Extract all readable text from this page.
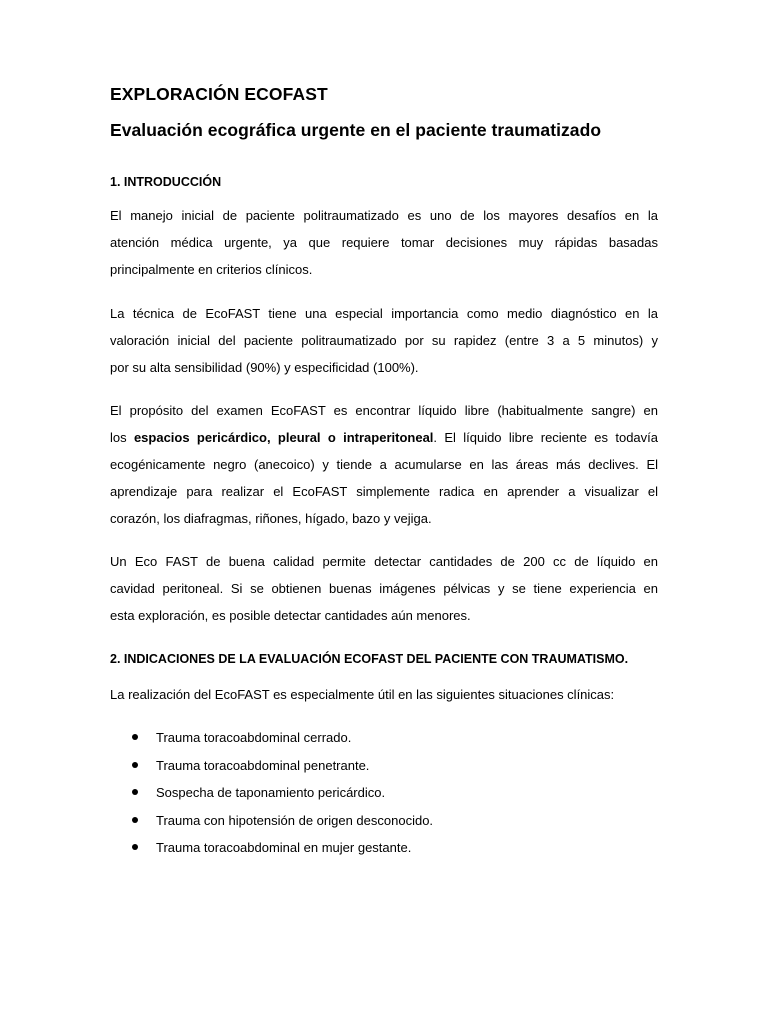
EXPLORACIÓN ECOFAST
Evaluación ecográfica urgente en el paciente traumatizado
1. INTRODUCCIÓN
El manejo inicial de paciente politraumatizado es uno de los mayores desafíos en la
atención médica urgente, ya que requiere tomar decisiones muy rápidas basadas
principalmente en criterios clínicos.
La técnica de EcoFAST tiene una especial importancia como medio diagnóstico en la
valoración inicial del paciente politraumatizado por su rapidez (entre 3 a 5 minutos) y
por su alta sensibilidad (90%) y especificidad (100%).
El propósito del examen EcoFAST es encontrar líquido libre (habitualmente sangre) en
los espacios pericárdico, pleural o intraperitoneal. El líquido libre reciente es todavía
ecogénicamente negro (anecoico) y tiende a acumularse en las áreas más declives. El
aprendizaje para realizar el EcoFAST simplemente radica en aprender a visualizar el
corazón, los diafragmas, riñones, hígado, bazo y vejiga.
Un Eco FAST de buena calidad permite detectar cantidades de 200 cc de líquido en
cavidad peritoneal. Si se obtienen buenas imágenes pélvicas y se tiene experiencia en
esta exploración, es posible detectar cantidades aún menores.
2. INDICACIONES DE LA EVALUACIÓN ECOFAST DEL PACIENTE CON TRAUMATISMO.
La realización del EcoFAST es especialmente útil en las siguientes situaciones clínicas:
Trauma toracoabdominal cerrado.
Trauma toracoabdominal penetrante.
Sospecha de taponamiento pericárdico.
Trauma con hipotensión de origen desconocido.
Trauma toracoabdominal en mujer gestante.
